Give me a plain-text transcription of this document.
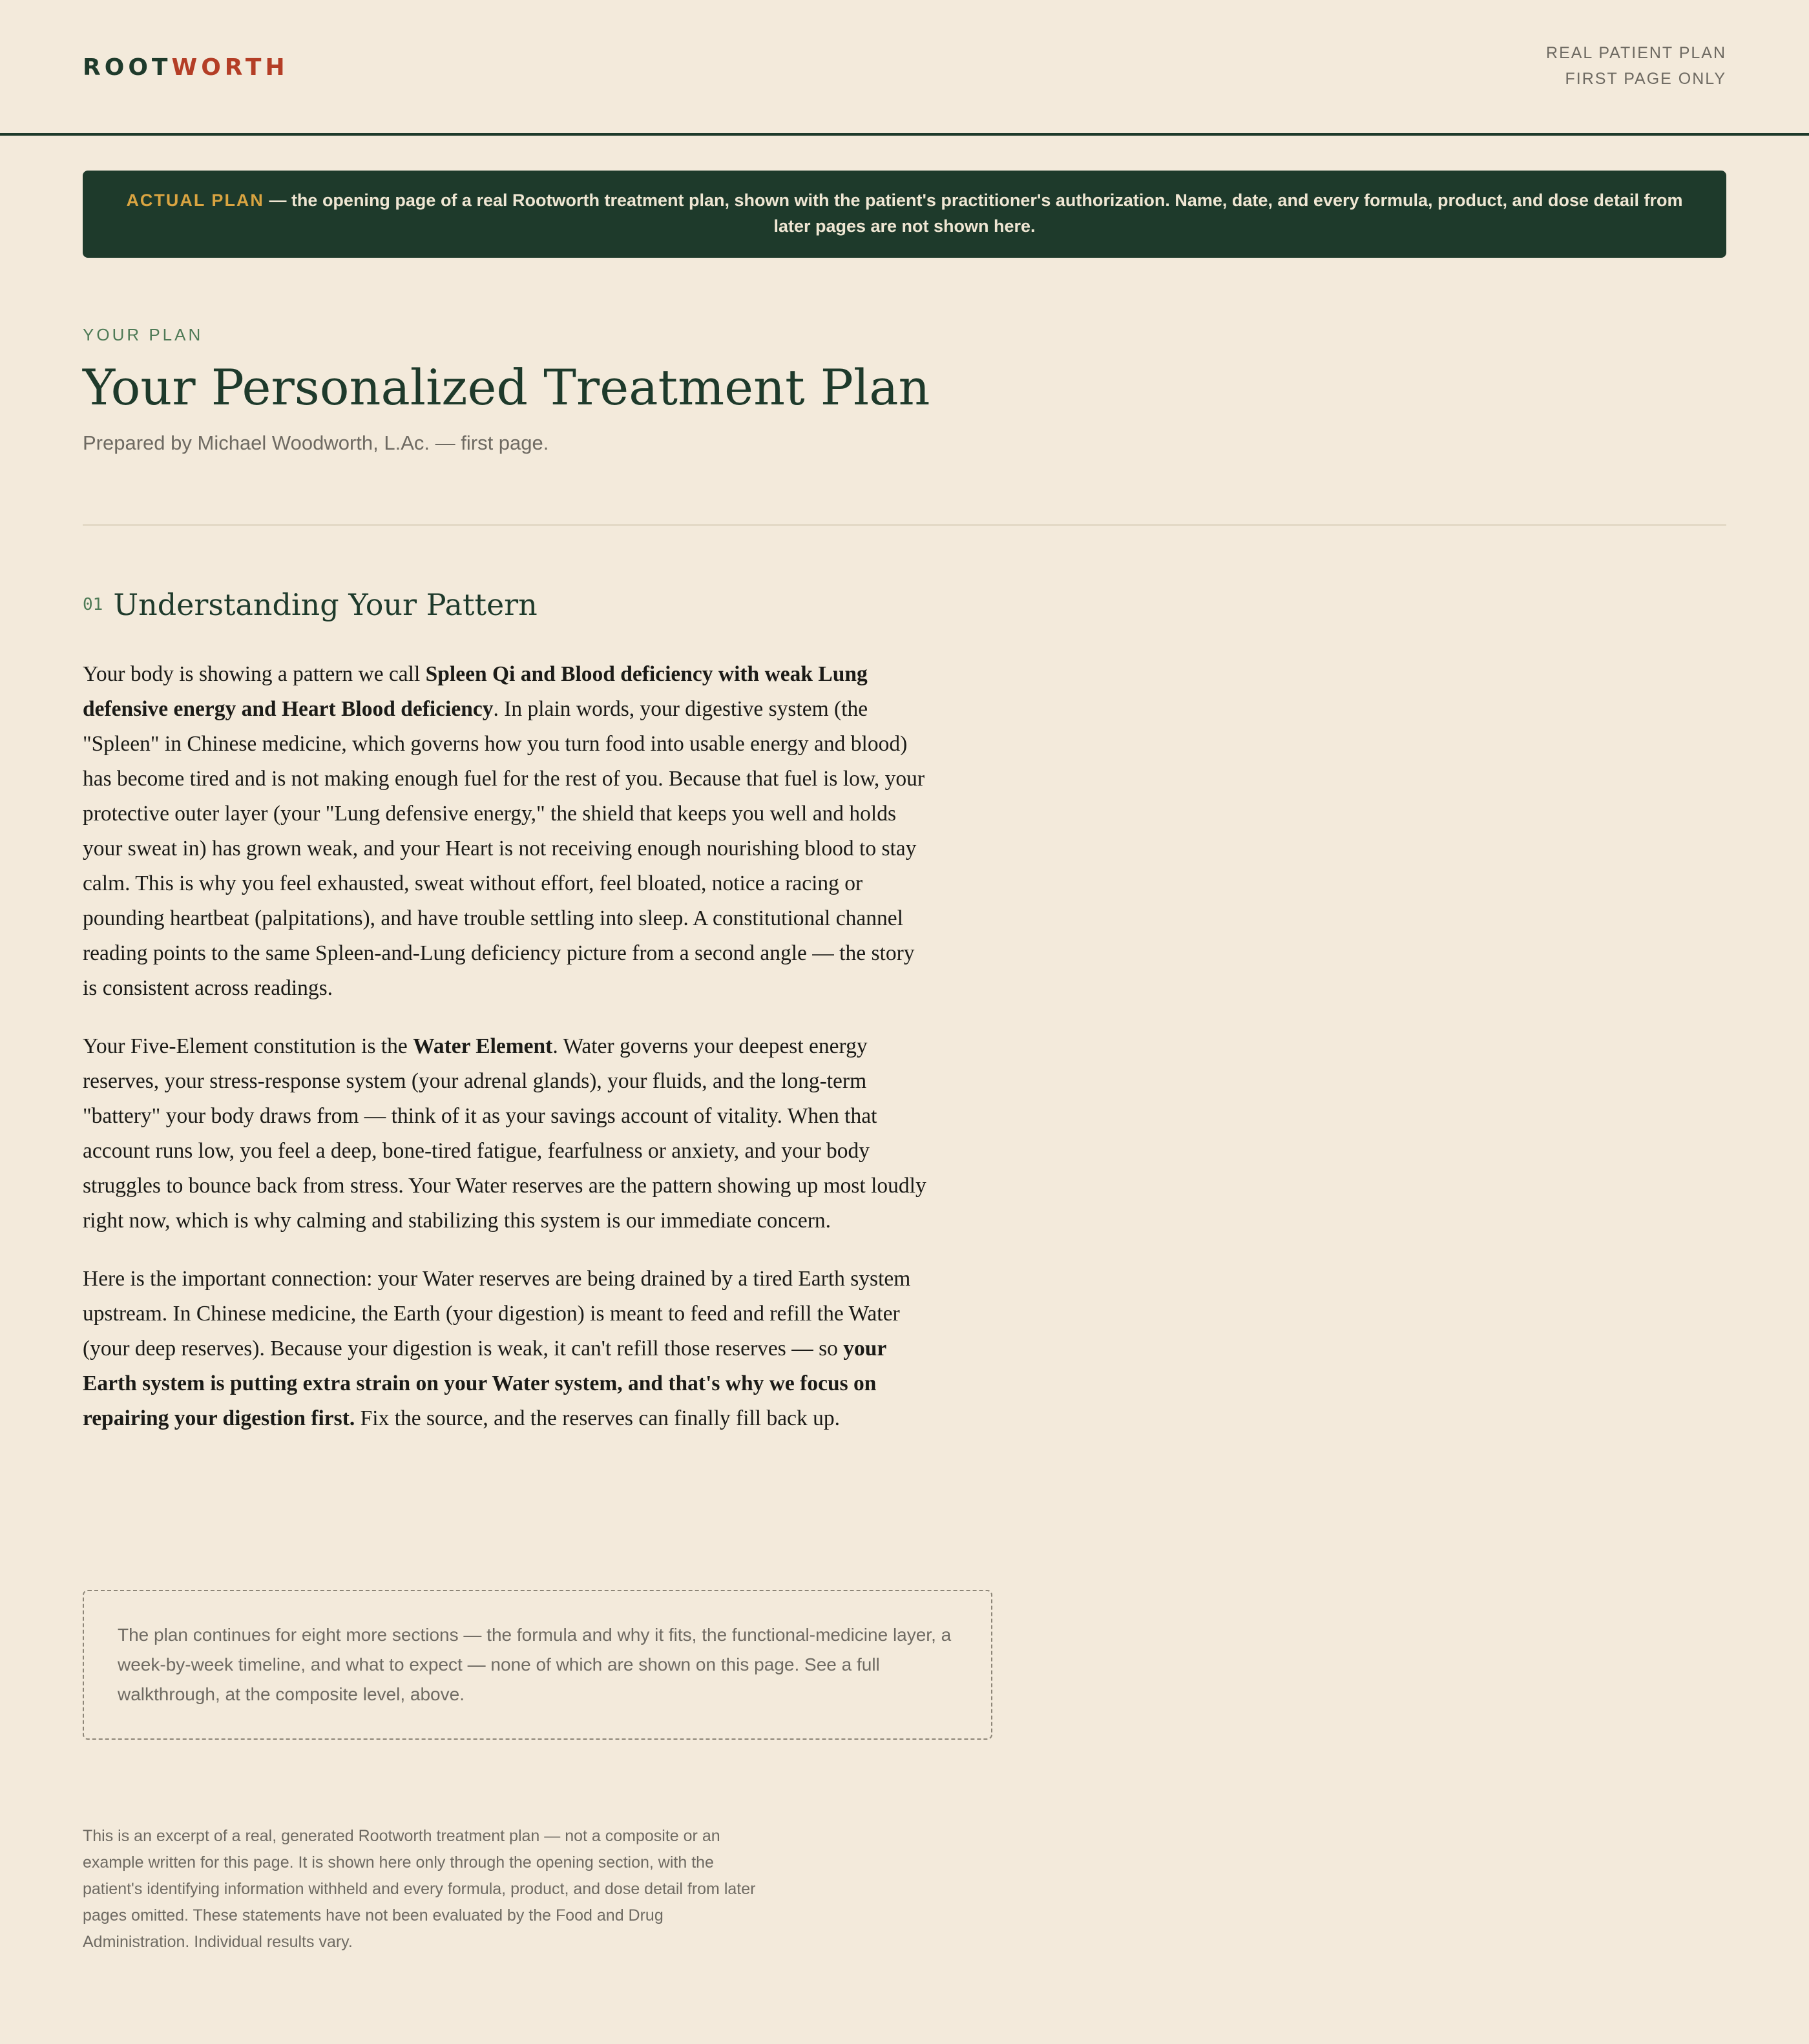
ROOTWORTH
REAL PATIENT PLAN
FIRST PAGE ONLY
ACTUAL PLAN — the opening page of a real Rootworth treatment plan, shown with the patient's practitioner's authorization. Name, date, and every formula, product, and dose detail from later pages are not shown here.
YOUR PLAN
Your Personalized Treatment Plan
Prepared by Michael Woodworth, L.Ac. — first page.
01 Understanding Your Pattern

Your body is showing a pattern we call Spleen Qi and Blood deficiency with weak Lung defensive energy and Heart Blood deficiency. In plain words, your digestive system (the "Spleen" in Chinese medicine, which governs how you turn food into usable energy and blood) has become tired and is not making enough fuel for the rest of you. Because that fuel is low, your protective outer layer (your "Lung defensive energy," the shield that keeps you well and holds your sweat in) has grown weak, and your Heart is not receiving enough nourishing blood to stay calm. This is why you feel exhausted, sweat without effort, feel bloated, notice a racing or pounding heartbeat (palpitations), and have trouble settling into sleep. A constitutional channel reading points to the same Spleen-and-Lung deficiency picture from a second angle — the story is consistent across readings.

Your Five-Element constitution is the Water Element. Water governs your deepest energy reserves, your stress-response system (your adrenal glands), your fluids, and the long-term "battery" your body draws from — think of it as your savings account of vitality. When that account runs low, you feel a deep, bone-tired fatigue, fearfulness or anxiety, and your body struggles to bounce back from stress. Your Water reserves are the pattern showing up most loudly right now, which is why calming and stabilizing this system is our immediate concern.

Here is the important connection: your Water reserves are being drained by a tired Earth system upstream. In Chinese medicine, the Earth (your digestion) is meant to feed and refill the Water (your deep reserves). Because your digestion is weak, it can't refill those reserves — so your Earth system is putting extra strain on your Water system, and that's why we focus on repairing your digestion first. Fix the source, and the reserves can finally fill back up.

The plan continues for eight more sections — the formula and why it fits, the functional-medicine layer, a week-by-week timeline, and what to expect — none of which are shown on this page. See a full walkthrough, at the composite level, above.
This is an excerpt of a real, generated Rootworth treatment plan — not a composite or an example written for this page. It is shown here only through the opening section, with the patient's identifying information withheld and every formula, product, and dose detail from later pages omitted. These statements have not been evaluated by the Food and Drug Administration. Individual results vary.
